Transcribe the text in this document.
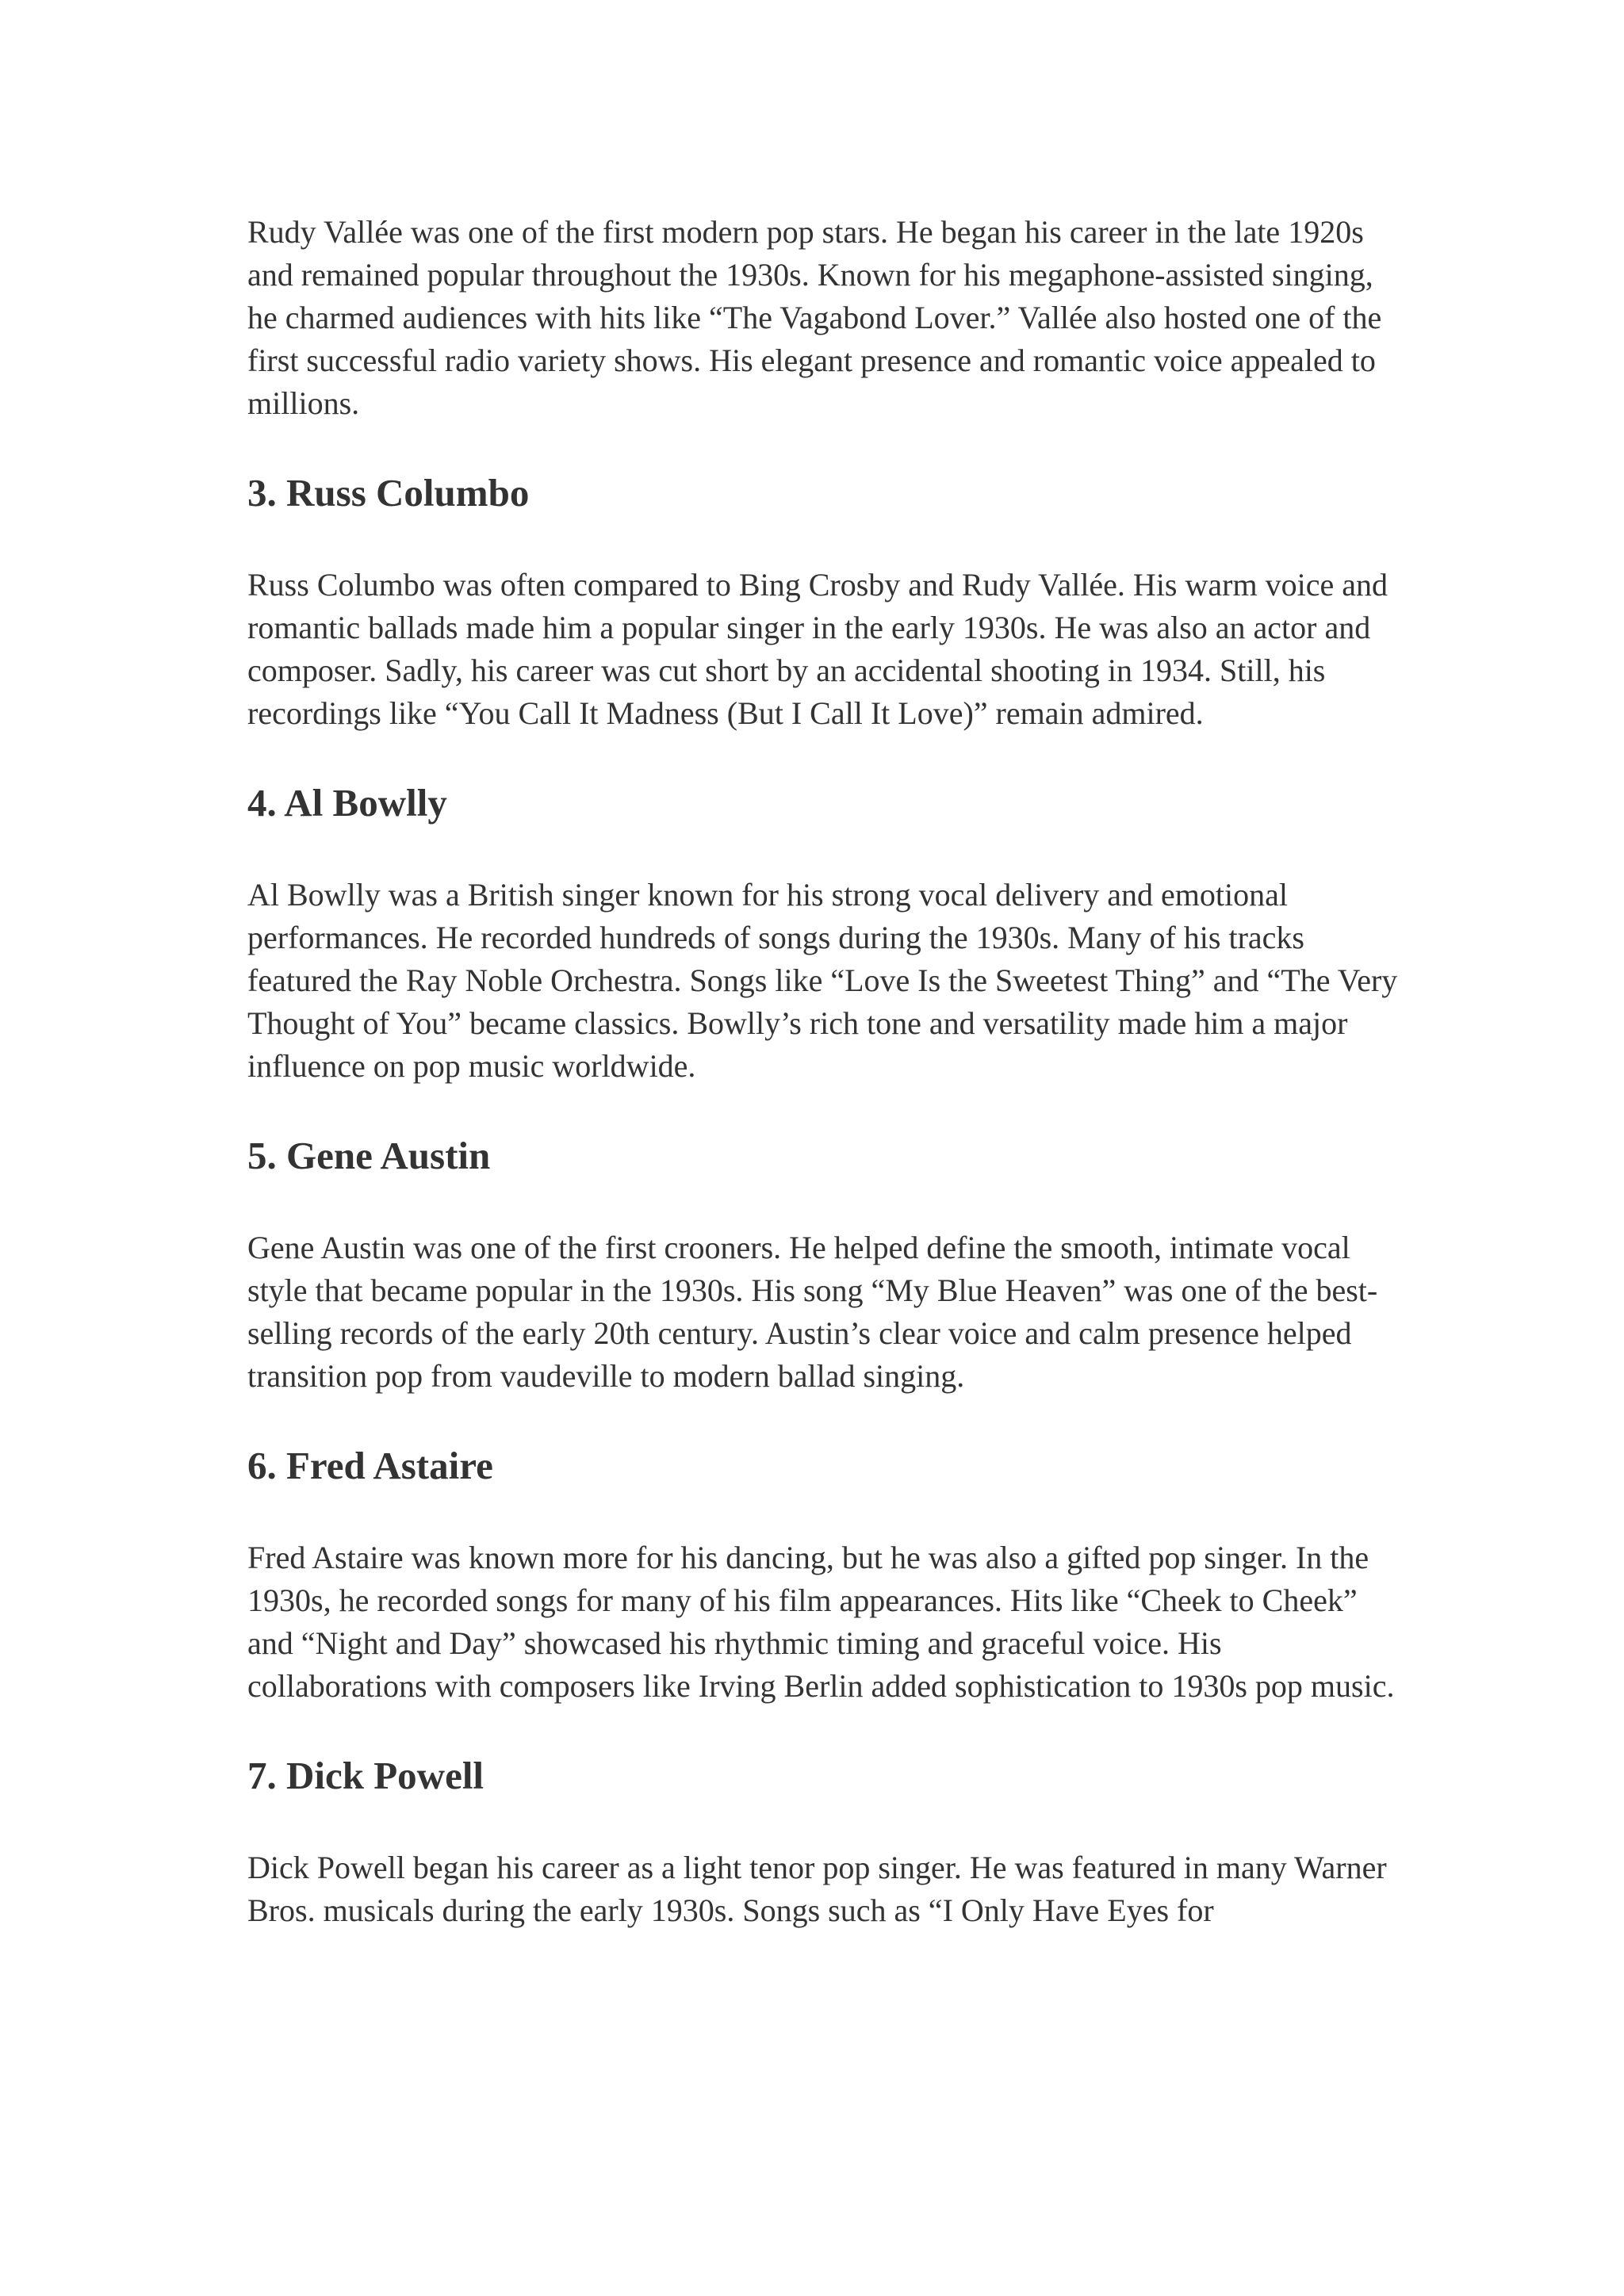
Rudy Vallée was one of the first modern pop stars. He began his career in the late 1920s and remained popular throughout the 1930s. Known for his megaphone-assisted singing, he charmed audiences with hits like “The Vagabond Lover.” Vallée also hosted one of the first successful radio variety shows. His elegant presence and romantic voice appealed to millions.

3. Russ Columbo

Russ Columbo was often compared to Bing Crosby and Rudy Vallée. His warm voice and romantic ballads made him a popular singer in the early 1930s. He was also an actor and composer. Sadly, his career was cut short by an accidental shooting in 1934. Still, his recordings like “You Call It Madness (But I Call It Love)” remain admired.

4. Al Bowlly

Al Bowlly was a British singer known for his strong vocal delivery and emotional performances. He recorded hundreds of songs during the 1930s. Many of his tracks featured the Ray Noble Orchestra. Songs like “Love Is the Sweetest Thing” and “The Very Thought of You” became classics. Bowlly’s rich tone and versatility made him a major influence on pop music worldwide.

5. Gene Austin

Gene Austin was one of the first crooners. He helped define the smooth, intimate vocal style that became popular in the 1930s. His song “My Blue Heaven” was one of the best-selling records of the early 20th century. Austin’s clear voice and calm presence helped transition pop from vaudeville to modern ballad singing.

6. Fred Astaire

Fred Astaire was known more for his dancing, but he was also a gifted pop singer. In the 1930s, he recorded songs for many of his film appearances. Hits like “Cheek to Cheek” and “Night and Day” showcased his rhythmic timing and graceful voice. His collaborations with composers like Irving Berlin added sophistication to 1930s pop music.

7. Dick Powell

Dick Powell began his career as a light tenor pop singer. He was featured in many Warner Bros. musicals during the early 1930s. Songs such as “I Only Have Eyes for
